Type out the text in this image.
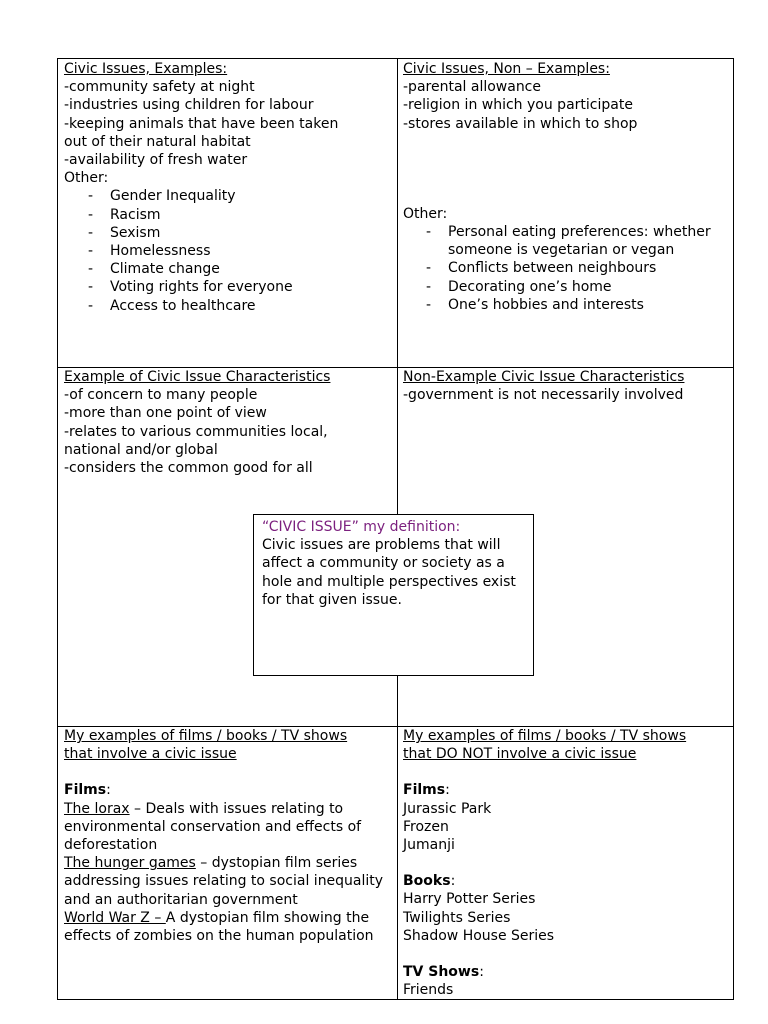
Civic Issues, Examples:
-community safety at night
-industries using children for labour
-keeping animals that have been taken
out of their natural habitat
-availability of fresh water
Other:
- Gender Inequality
- Racism
- Sexism
- Homelessness
- Climate change
- Voting rights for everyone
- Access to healthcare
Civic Issues, Non – Examples:
-parental allowance
-religion in which you participate
-stores available in which to shop
Other:
- Personal eating preferences: whether someone is vegetarian or vegan
- Conflicts between neighbours
- Decorating one’s home
- One’s hobbies and interests
Example of Civic Issue Characteristics
-of concern to many people
-more than one point of view
-relates to various communities local,
national and/or global
-considers the common good for all
Non-Example Civic Issue Characteristics
-government is not necessarily involved
My examples of films / books / TV shows
that involve a civic issue
Films:
The lorax – Deals with issues relating to environmental conservation and effects of deforestation
The hunger games – dystopian film series addressing issues relating to social inequality and an authoritarian government
World War Z – A dystopian film showing the effects of zombies on the human population
My examples of films / books / TV shows
that DO NOT involve a civic issue
Films:
Jurassic Park
Frozen
Jumanji
Books:
Harry Potter Series
Twilights Series
Shadow House Series
TV Shows:
Friends
“CIVIC ISSUE” my definition:
Civic issues are problems that will affect a community or society as a hole and multiple perspectives exist for that given issue.
